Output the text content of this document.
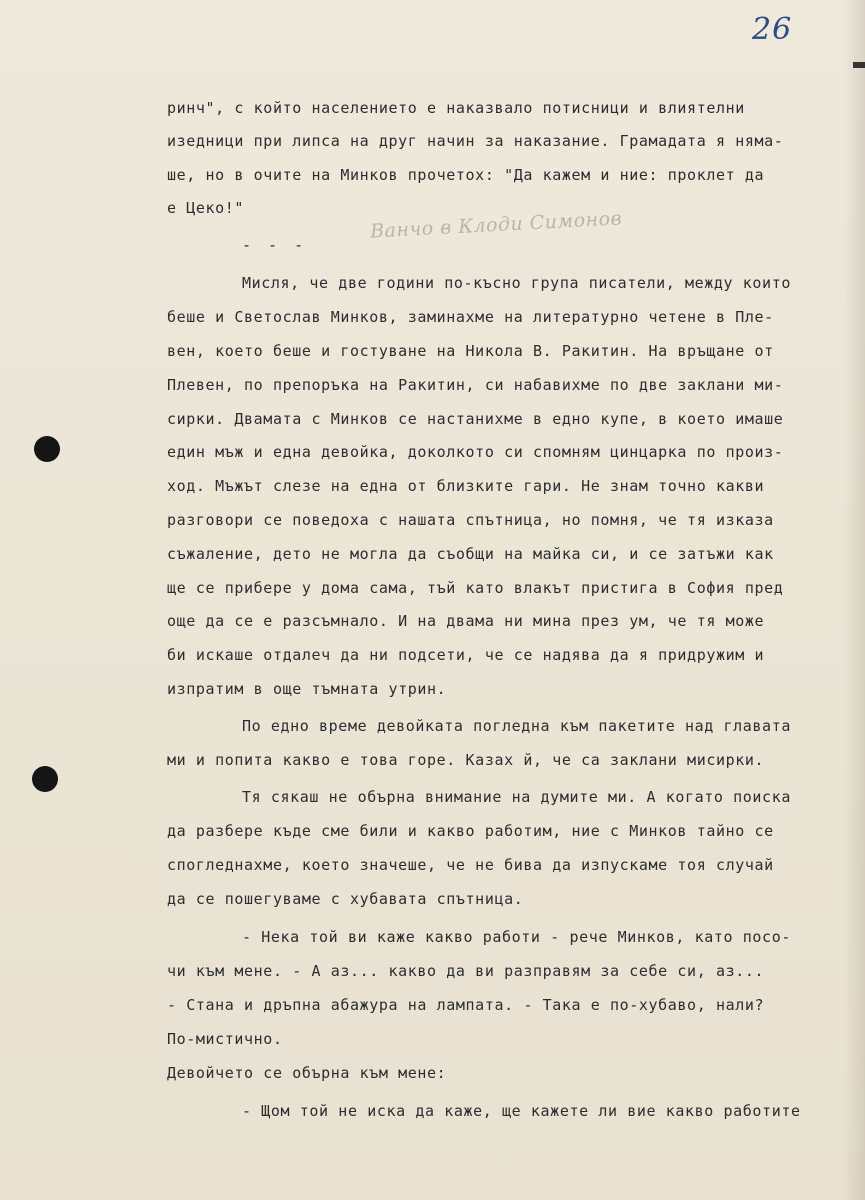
26
Ванчо в Клоди Симонов
ринч", с който населението е наказвало потисници и влиятелни
изедници при липса на друг начин за наказание. Грамадата я няма-
ше, но в очите на Минков прочетох: "Да кажем и ние: проклет да
е Цеко!"
- - -
Мисля, че две години по-късно група писатели, между които
беше и Светослав Минков, заминахме на литературно четене в Пле-
вен, което беше и гостуване на Никола В. Ракитин. На връщане от
Плевен, по препоръка на Ракитин, си набавихме по две заклани ми-
сирки. Двамата с Минков се настанихме в едно купе, в което имаше
един мъж и една девойка, доколкото си спомням цинцарка по произ-
ход. Мъжът слезе на една от близките гари. Не знам точно какви
разговори се поведоха с нашата спътница, но помня, че тя изказа
съжаление, дето не могла да съобщи на майка си, и се затъжи как
ще се прибере у дома сама, тъй като влакът пристига в София пред
още да се е разсъмнало. И на двама ни мина през ум, че тя може
би искаше отдалеч да ни подсети, че се надява да я придружим и
изпратим в още тъмната утрин.
По едно време девойката погледна към пакетите над главата
ми и попита какво е това горе. Казах й, че са заклани мисирки.
Тя сякаш не обърна внимание на думите ми. А когато поиска
да разбере къде сме били и какво работим, ние с Минков тайно се
спогледнахме, което значеше, че не бива да изпускаме тоя случай
да се пошегуваме с хубавата спътница.
- Нека той ви каже какво работи - рече Минков, като посо-
чи към мене. - А аз... какво да ви разправям за себе си, аз...
- Стана и дръпна абажура на лампата. - Така е по-хубаво, нали?
По-мистично.
Девойчето се обърна към мене:
- Щом той не иска да каже, ще кажете ли вие какво работите
